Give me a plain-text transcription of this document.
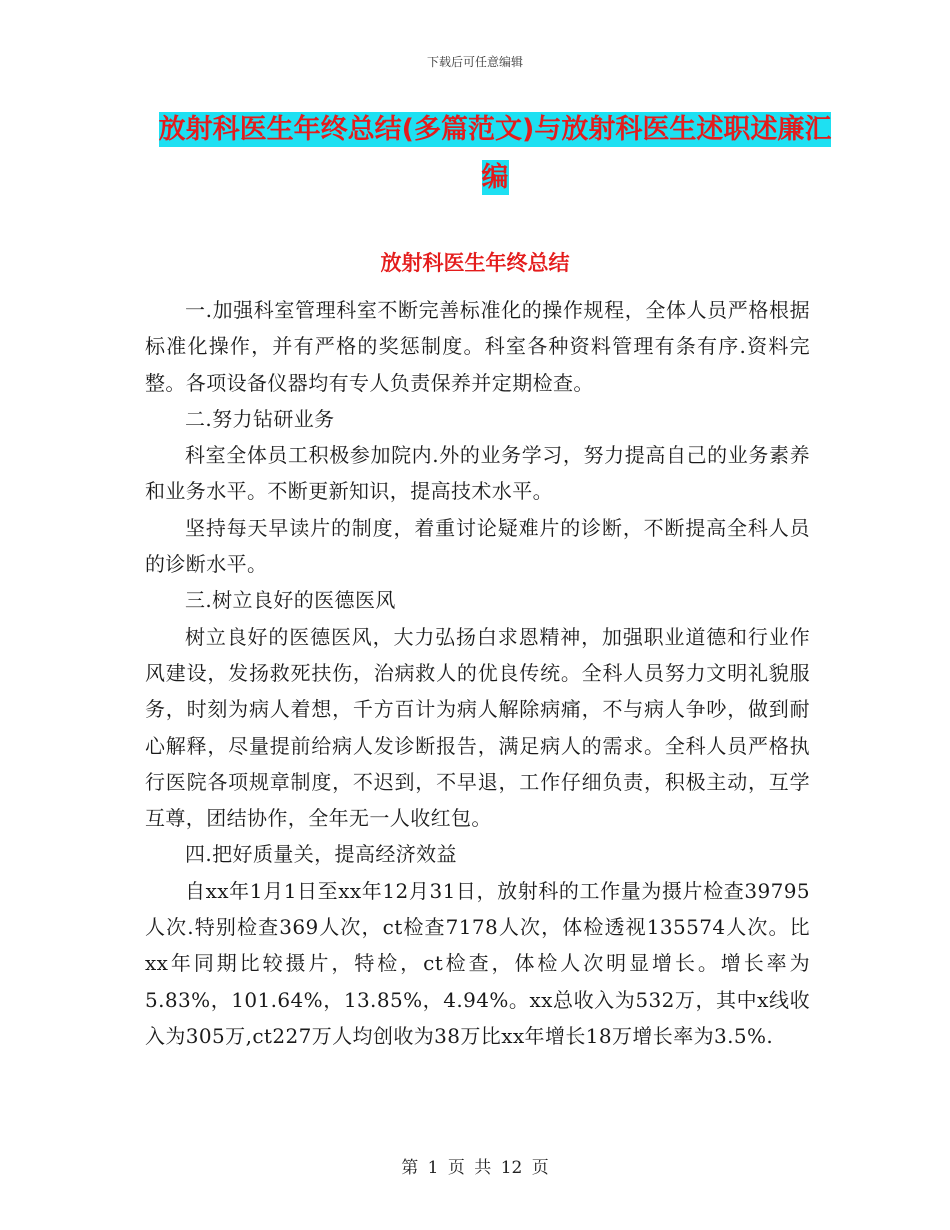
下载后可任意编辑
放射科医生年终总结(多篇范文)与放射科医生述职述廉汇编
放射科医生年终总结

一.加强科室管理科室不断完善标准化的操作规程，全体人员严格根据标准化操作，并有严格的奖惩制度。科室各种资料管理有条有序.资料完整。各项设备仪器均有专人负责保养并定期检查。

二.努力钻研业务

科室全体员工积极参加院内.外的业务学习，努力提高自己的业务素养和业务水平。不断更新知识，提高技术水平。

坚持每天早读片的制度，着重讨论疑难片的诊断，不断提高全科人员的诊断水平。

三.树立良好的医德医风

树立良好的医德医风，大力弘扬白求恩精神，加强职业道德和行业作风建设，发扬救死扶伤，治病救人的优良传统。全科人员努力文明礼貌服务，时刻为病人着想，千方百计为病人解除病痛，不与病人争吵，做到耐心解释，尽量提前给病人发诊断报告，满足病人的需求。全科人员严格执行医院各项规章制度，不迟到，不早退，工作仔细负责，积极主动，互学互尊，团结协作，全年无一人收红包。

四.把好质量关，提高经济效益

自xx年1月1日至xx年12月31日，放射科的工作量为摄片检查39795人次.特别检查369人次，ct检查7178人次，体检透视135574人次。比xx年同期比较摄片，特检，ct检查，体检人次明显增长。增长率为5.83%，101.64%，13.85%，4.94%。xx总收入为532万，其中x线收入为305万,ct227万人均创收为38万比xx年增长18万增长率为3.5%.

第 1 页 共 12 页
